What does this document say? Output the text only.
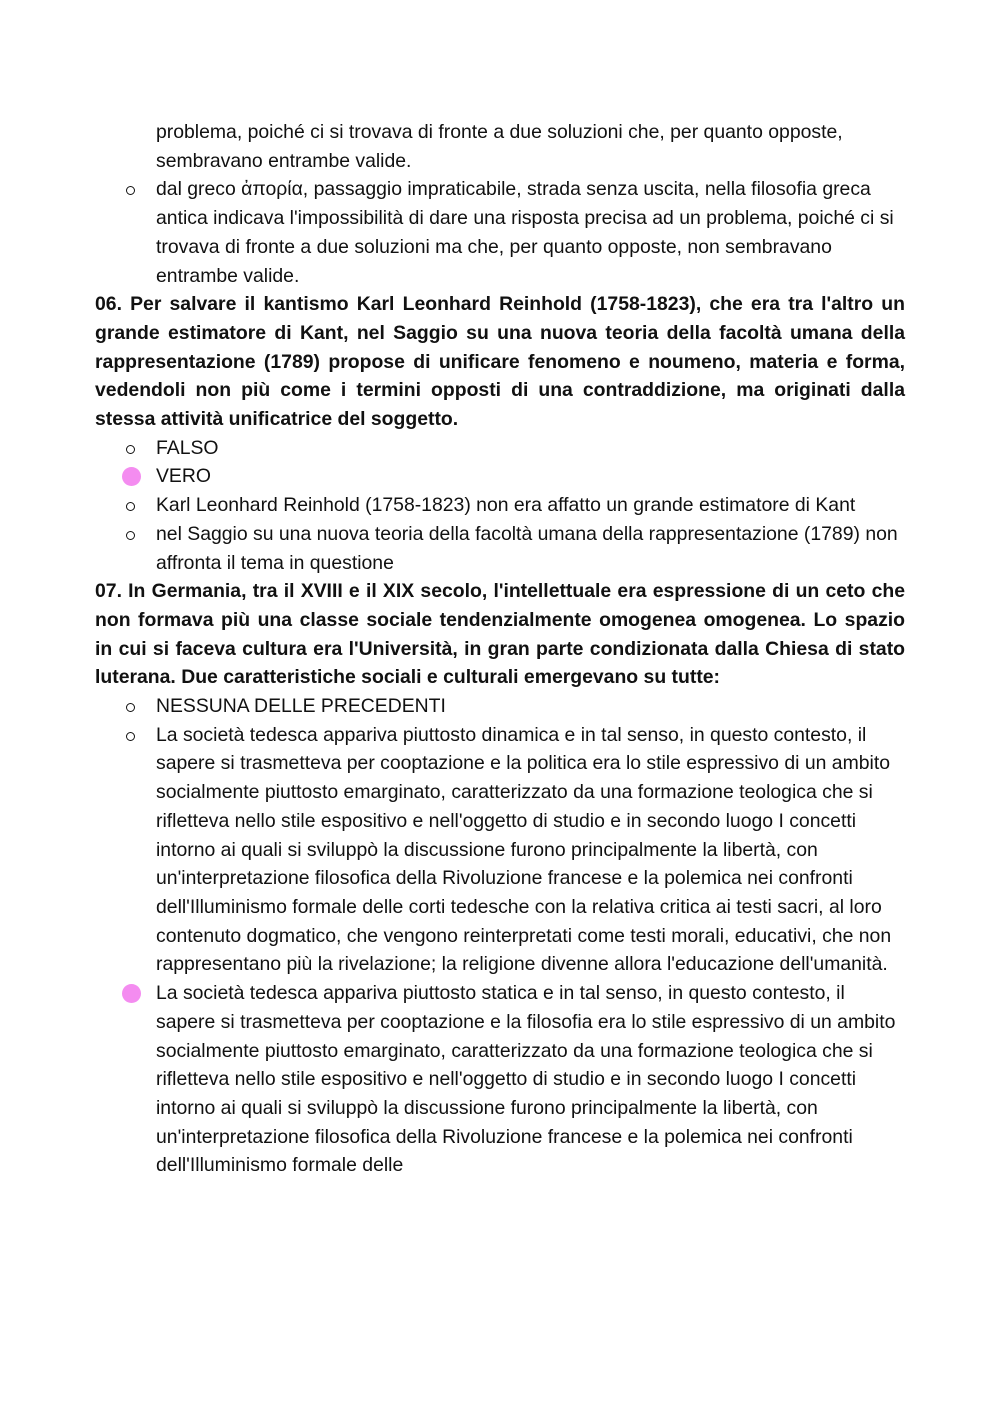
problema, poiché ci si trovava di fronte a due soluzioni che, per quanto opposte, sembravano entrambe valide.
dal greco ἀπορία, passaggio impraticabile, strada senza uscita, nella filosofia greca antica indicava l'impossibilità di dare una risposta precisa ad un problema, poiché ci si trovava di fronte a due soluzioni ma che, per quanto opposte, non sembravano entrambe valide.
06. Per salvare il kantismo Karl Leonhard Reinhold (1758-1823), che era tra l'altro un grande estimatore di Kant, nel Saggio su una nuova teoria della facoltà umana della rappresentazione (1789) propose di unificare fenomeno e noumeno, materia e forma, vedendoli non più come i termini opposti di una contraddizione, ma originati dalla stessa attività unificatrice del soggetto.
FALSO
VERO
Karl Leonhard Reinhold (1758-1823) non era affatto un grande estimatore di Kant
nel Saggio su una nuova teoria della facoltà umana della rappresentazione (1789) non affronta il tema in questione
07. In Germania, tra il XVIII e il XIX secolo, l'intellettuale era espressione di un ceto che non formava più una classe sociale tendenzialmente omogenea omogenea. Lo spazio in cui si faceva cultura era l'Università, in gran parte condizionata dalla Chiesa di stato luterana. Due caratteristiche sociali e culturali emergevano su tutte:
NESSUNA DELLE PRECEDENTI
La società tedesca appariva piuttosto dinamica e in tal senso, in questo contesto, il sapere si trasmetteva per cooptazione e la politica era lo stile espressivo di un ambito socialmente piuttosto emarginato, caratterizzato da una formazione teologica che si rifletteva nello stile espositivo e nell'oggetto di studio e in secondo luogo I concetti intorno ai quali si sviluppò la discussione furono principalmente la libertà, con un'interpretazione filosofica della Rivoluzione francese e la polemica nei confronti dell'Illuminismo formale delle corti tedesche con la relativa critica ai testi sacri, al loro contenuto dogmatico, che vengono reinterpretati come testi morali, educativi, che non rappresentano più la rivelazione; la religione divenne allora l'educazione dell'umanità.
La società tedesca appariva piuttosto statica e in tal senso, in questo contesto, il sapere si trasmetteva per cooptazione e la filosofia era lo stile espressivo di un ambito socialmente piuttosto emarginato, caratterizzato da una formazione teologica che si rifletteva nello stile espositivo e nell'oggetto di studio e in secondo luogo I concetti intorno ai quali si sviluppò la discussione furono principalmente la libertà, con un'interpretazione filosofica della Rivoluzione francese e la polemica nei confronti dell'Illuminismo formale delle
